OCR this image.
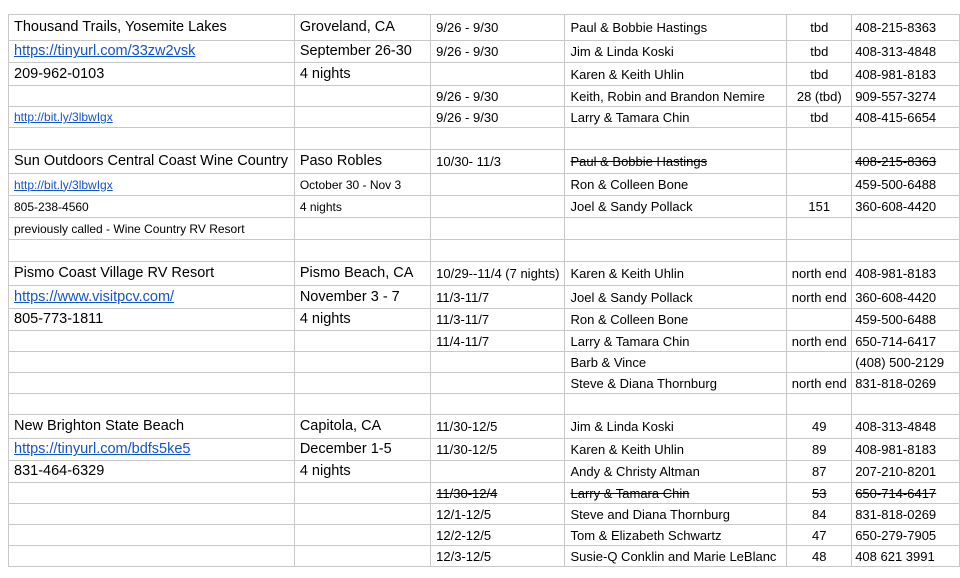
Thousand Trails, Yosemite Lakes	Groveland, CA	9/26 - 9/30	Paul & Bobbie Hastings	tbd	408-215-8363
https://tinyurl.com/33zw2vsk	September 26-30	9/26 - 9/30	Jim & Linda Koski	tbd	408-313-4848
209-962-0103	4 nights		Karen & Keith Uhlin	tbd	408-981-8183
		9/26 - 9/30	Keith, Robin and Brandon Nemire	28 (tbd)	909-557-3274
http://bit.ly/3lbwIgx		9/26 - 9/30	Larry & Tamara Chin	tbd	408-415-6654

Sun Outdoors Central Coast Wine Country	Paso Robles	10/30- 11/3	Paul & Bobbie Hastings		408-215-8363
http://bit.ly/3lbwIgx	October 30 - Nov 3		Ron & Colleen Bone		459-500-6488
805-238-4560	4 nights		Joel & Sandy Pollack	151	360-608-4420
previously called - Wine Country RV Resort					

Pismo Coast Village RV Resort	Pismo Beach, CA	10/29--11/4 (7 nights)	Karen & Keith Uhlin	north end	408-981-8183
https://www.visitpcv.com/	November 3 - 7	11/3-11/7	Joel & Sandy Pollack	north end	360-608-4420
805-773-1811	4 nights	11/3-11/7	Ron & Colleen Bone		459-500-6488
		11/4-11/7	Larry & Tamara Chin	north end	650-714-6417
			Barb & Vince		(408) 500-2129
			Steve & Diana Thornburg	north end	831-818-0269

New Brighton State Beach	Capitola, CA	11/30-12/5	Jim & Linda Koski	49	408-313-4848
https://tinyurl.com/bdfs5ke5	December 1-5	11/30-12/5	Karen & Keith Uhlin	89	408-981-8183
831-464-6329	4 nights		Andy & Christy Altman	87	207-210-8201
		11/30-12/4	Larry & Tamara Chin	53	650-714-6417
		12/1-12/5	Steve and Diana Thornburg	84	831-818-0269
		12/2-12/5	Tom & Elizabeth Schwartz	47	650-279-7905
		12/3-12/5	Susie-Q Conklin and Marie LeBlanc	48	408 621 3991
